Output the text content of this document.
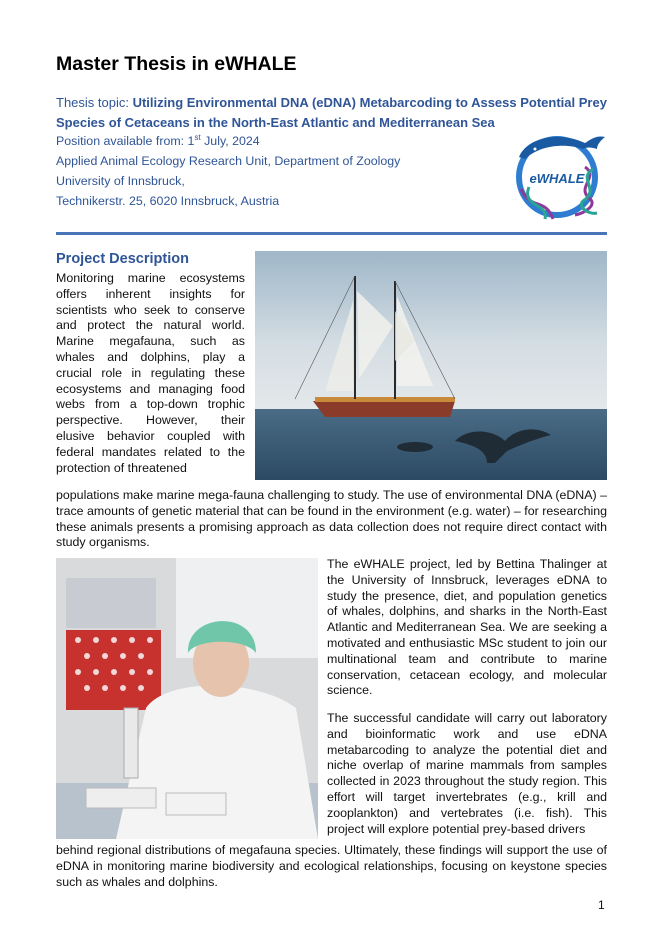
Master Thesis in eWHALE
Thesis topic: Utilizing Environmental DNA (eDNA) Metabarcoding to Assess Potential Prey Species of Cetaceans in the North-East Atlantic and Mediterranean Sea
Position available from: 1st July, 2024
Applied Animal Ecology Research Unit, Department of Zoology
University of Innsbruck,
Technikerstr. 25, 6020 Innsbruck, Austria
eWHALE
Project Description

Monitoring marine ecosystems offers inherent insights for scientists who seek to conserve and protect the natural world. Marine megafauna, such as whales and dolphins, play a crucial role in regulating these ecosystems and managing food webs from a top-down trophic perspective. However, their elusive behavior coupled with federal mandates related to the protection of threatened

populations make marine mega-fauna challenging to study. The use of environmental DNA (eDNA) – trace amounts of genetic material that can be found in the environment (e.g. water) – for researching these animals presents a promising approach as data collection does not require direct contact with study organisms.

The eWHALE project, led by Bettina Thalinger at the University of Innsbruck, leverages eDNA to study the presence, diet, and population genetics of whales, dolphins, and sharks in the North-East Atlantic and Mediterranean Sea. We are seeking a motivated and enthusiastic MSc student to join our multinational team and contribute to marine conservation, cetacean ecology, and molecular science.

The successful candidate will carry out laboratory and bioinformatic work and use eDNA metabarcoding to analyze the potential diet and niche overlap of marine mammals from samples collected in 2023 throughout the study region. This effort will target invertebrates (e.g., krill and zooplankton) and vertebrates (i.e. fish). This project will explore potential prey-based drivers

behind regional distributions of megafauna species. Ultimately, these findings will support the use of eDNA in monitoring marine biodiversity and ecological relationships, focusing on keystone species such as whales and dolphins.

1
